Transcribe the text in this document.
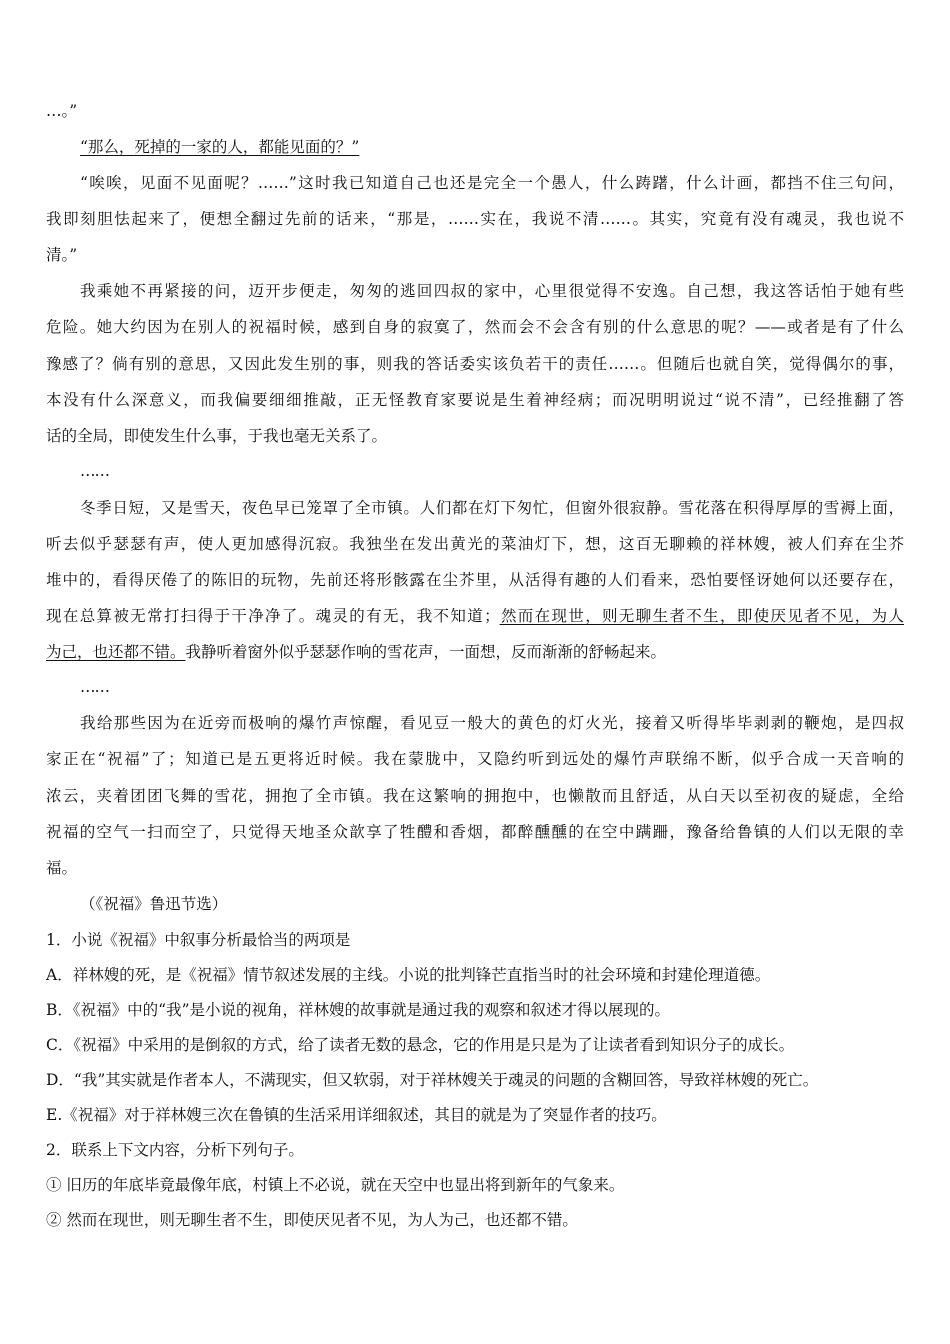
…。”
“那么，死掉的一家的人，都能见面的？”
“唉唉，见面不见面呢？……”这时我已知道自己也还是完全一个愚人，什么踌躇，什么计画，都挡不住三句问，
我即刻胆怯起来了，便想全翻过先前的话来，“那是，……实在，我说不清……。其实，究竟有没有魂灵，我也说不
清。”
我乘她不再紧接的问，迈开步便走，匆匆的逃回四叔的家中，心里很觉得不安逸。自己想，我这答话怕于她有些
危险。她大约因为在别人的祝福时候，感到自身的寂寞了，然而会不会含有别的什么意思的呢？——或者是有了什么
豫感了？倘有别的意思，又因此发生别的事，则我的答话委实该负若干的责任……。但随后也就自笑，觉得偶尔的事，
本没有什么深意义，而我偏要细细推敲，正无怪教育家要说是生着神经病；而况明明说过“说不清”，已经推翻了答
话的全局，即使发生什么事，于我也毫无关系了。
……
冬季日短，又是雪天，夜色早已笼罩了全市镇。人们都在灯下匆忙，但窗外很寂静。雪花落在积得厚厚的雪褥上面，
听去似乎瑟瑟有声，使人更加感得沉寂。我独坐在发出黄光的菜油灯下，想，这百无聊赖的祥林嫂，被人们弃在尘芥
堆中的，看得厌倦了的陈旧的玩物，先前还将形骸露在尘芥里，从活得有趣的人们看来，恐怕要怪讶她何以还要存在，
现在总算被无常打扫得于干净净了。魂灵的有无，我不知道；然而在现世，则无聊生者不生，即使厌见者不见，为人
为己，也还都不错。我静听着窗外似乎瑟瑟作响的雪花声，一面想，反而渐渐的舒畅起来。
……
我给那些因为在近旁而极响的爆竹声惊醒，看见豆一般大的黄色的灯火光，接着又听得毕毕剥剥的鞭炮，是四叔
家正在“祝福”了；知道已是五更将近时候。我在蒙胧中，又隐约听到远处的爆竹声联绵不断，似乎合成一天音响的
浓云，夹着团团飞舞的雪花，拥抱了全市镇。我在这繁响的拥抱中，也懒散而且舒适，从白天以至初夜的疑虑，全给
祝福的空气一扫而空了，只觉得天地圣众歆享了牲醴和香烟，都醉醺醺的在空中蹒跚，豫备给鲁镇的人们以无限的幸
福。
（《祝福》鲁迅节选）
1．小说《祝福》中叙事分析最恰当的两项是
A．祥林嫂的死，是《祝福》情节叙述发展的主线。小说的批判锋芒直指当时的社会环境和封建伦理道德。
B．《祝福》中的“我”是小说的视角，祥林嫂的故事就是通过我的观察和叙述才得以展现的。
C．《祝福》中采用的是倒叙的方式，给了读者无数的悬念，它的作用是只是为了让读者看到知识分子的成长。
D．“我”其实就是作者本人，不满现实，但又软弱，对于祥林嫂关于魂灵的问题的含糊回答，导致祥林嫂的死亡。
E.《祝福》对于祥林嫂三次在鲁镇的生活采用详细叙述，其目的就是为了突显作者的技巧。
2．联系上下文内容，分析下列句子。
① 旧历的年底毕竟最像年底，村镇上不必说，就在天空中也显出将到新年的气象来。
② 然而在现世，则无聊生者不生，即使厌见者不见，为人为己，也还都不错。
